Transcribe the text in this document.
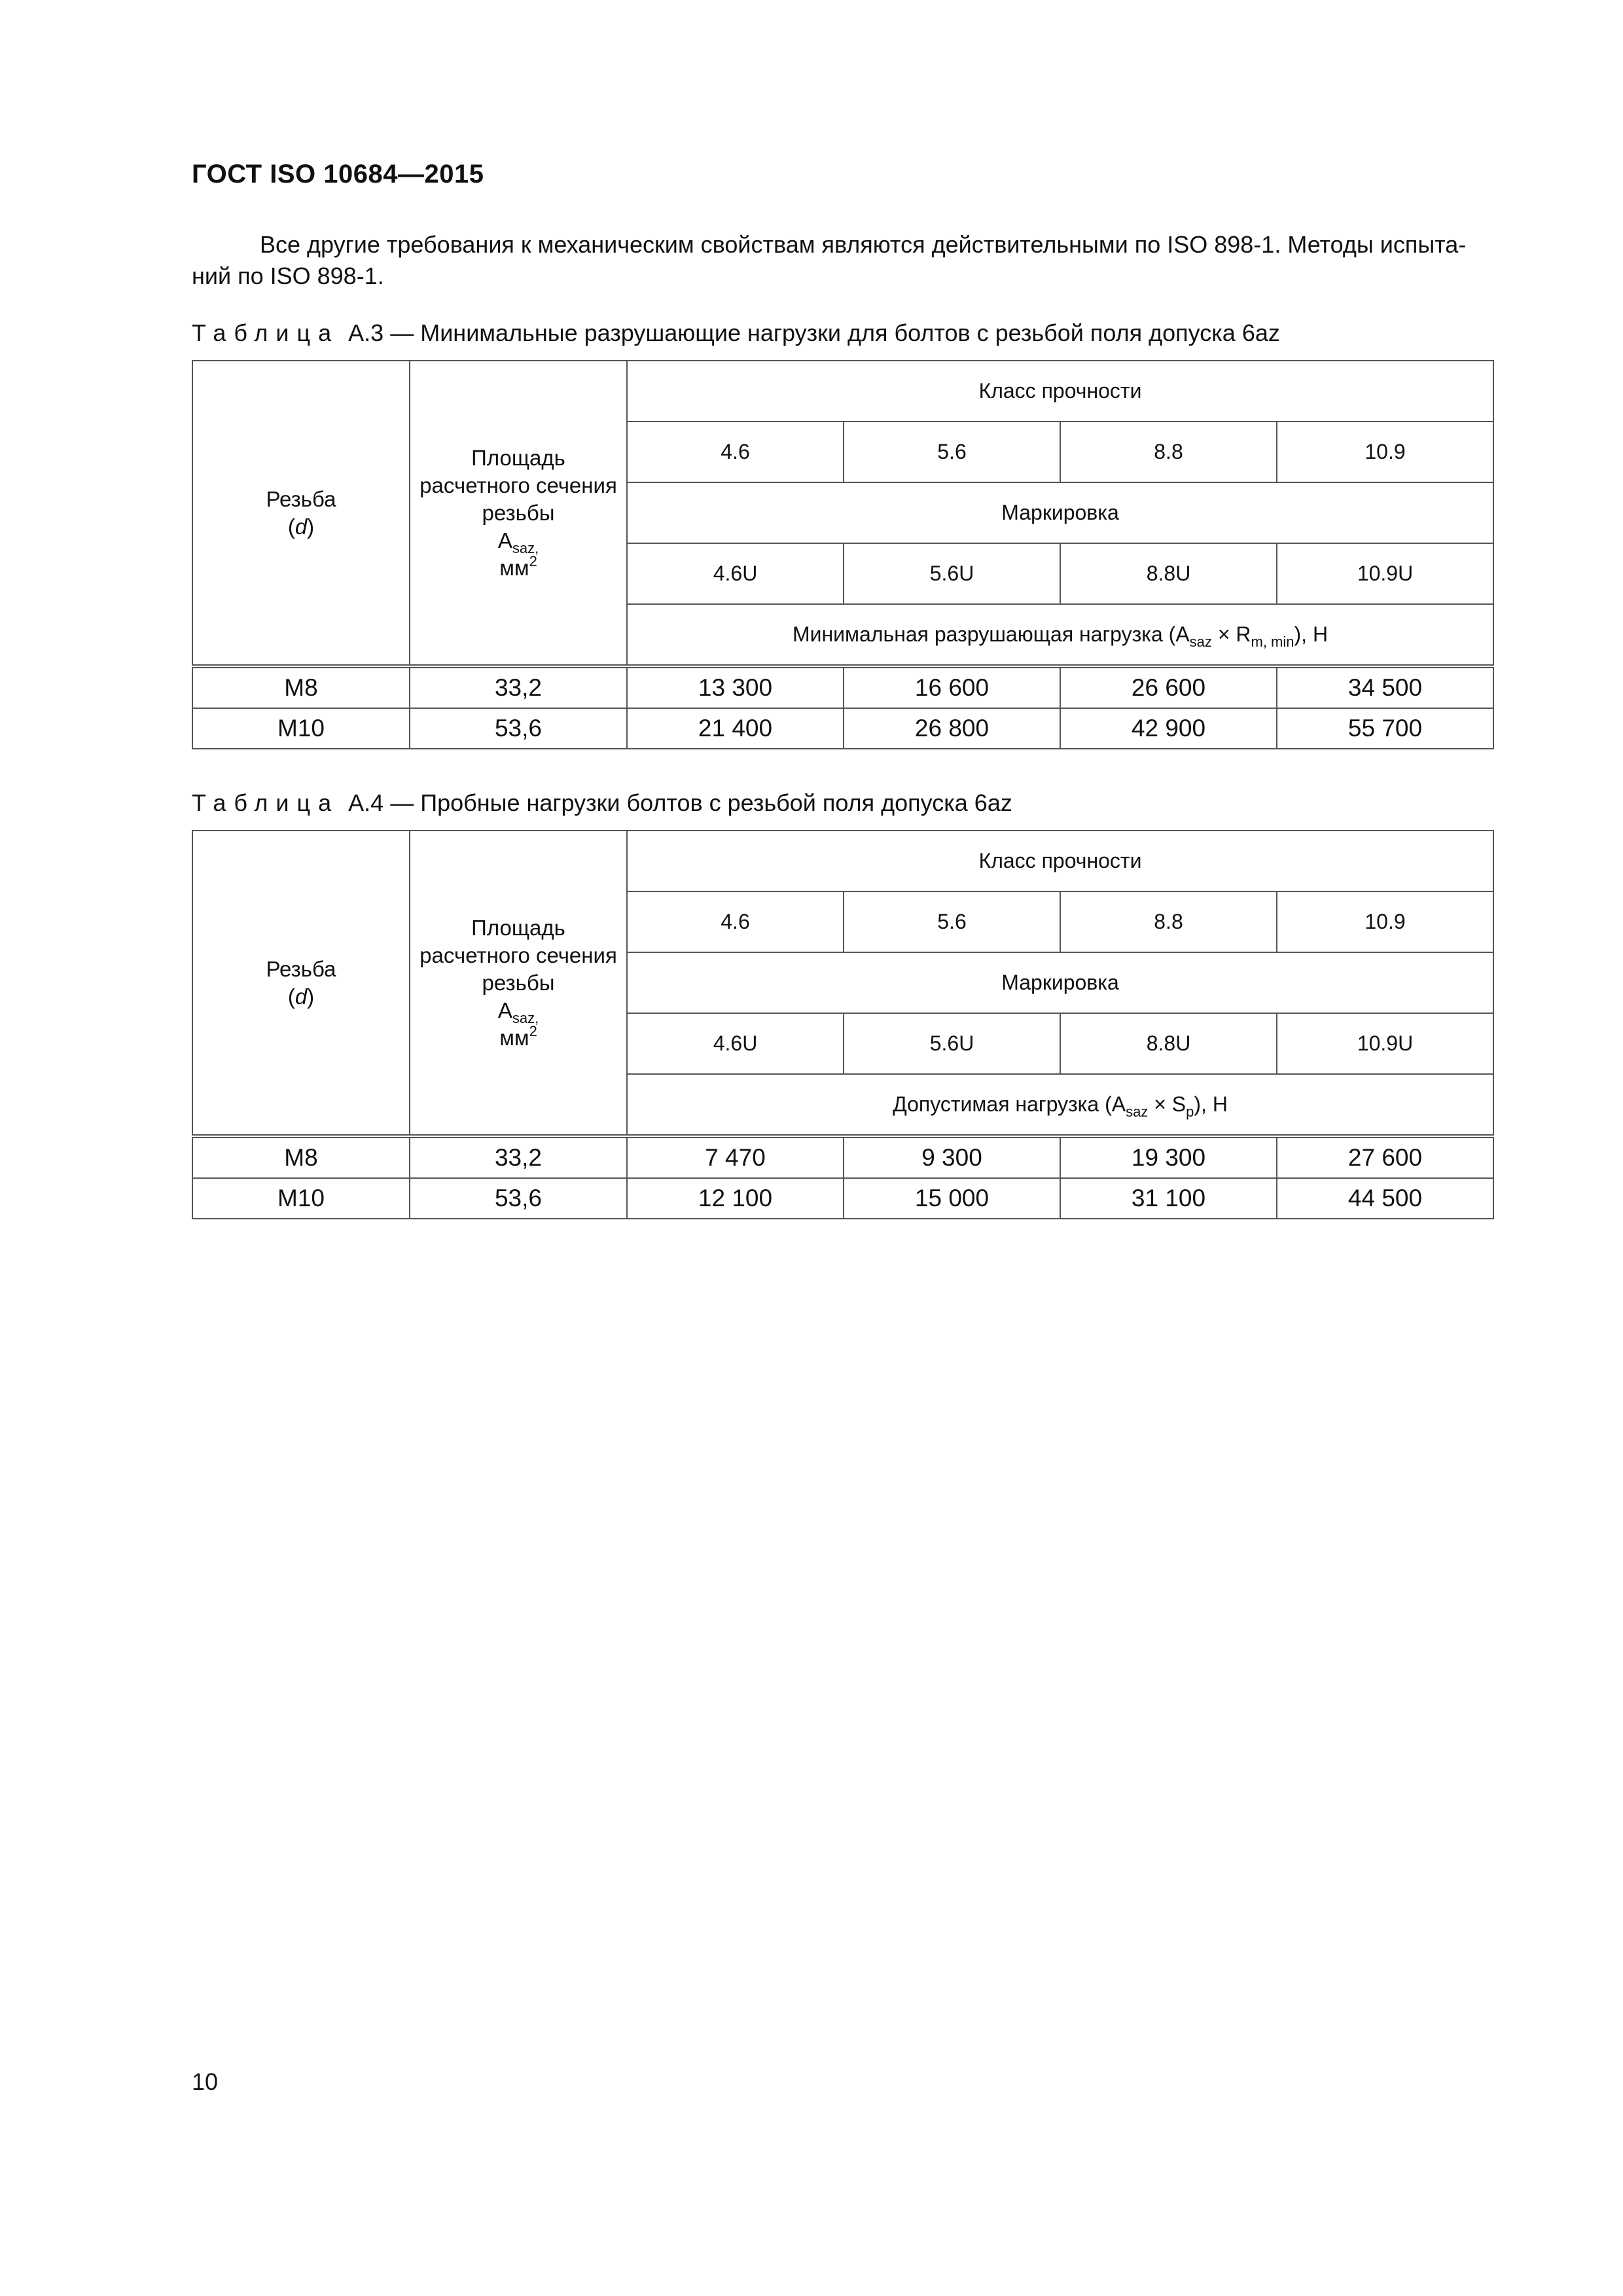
ГОСТ ISO 10684—2015
Все другие требования к механическим свойствам являются действительными по ISO 898-1. Методы испыта-
ний по ISO 898-1.
Таблица А.3 — Минимальные разрушающие нагрузки для болтов с резьбой поля допуска 6az
Резьба
(d)	Площадь
расчетного сечения
резьбы
$A_{saz,}$
$мм^2$	Класс прочности			
		4.6	5.6	8.8	10.9
		Маркировка			
		4.6U	5.6U	8.8U	10.9U
		Минимальная разрушающая нагрузка $(A_{saz} \times R_{m, min})$, Н			
M8	33,2	13 300	16 600	26 600	34 500
M10	53,6	21 400	26 800	42 900	55 700
Таблица А.4 — Пробные нагрузки болтов с резьбой поля допуска 6az
Резьба
(d)	Площадь
расчетного сечения
резьбы
$A_{saz,}$
$мм^2$	Класс прочности			
		4.6	5.6	8.8	10.9
		Маркировка			
		4.6U	5.6U	8.8U	10.9U
		Допустимая нагрузка $(A_{saz} \times S_p)$, Н			
M8	33,2	7 470	9 300	19 300	27 600
M10	53,6	12 100	15 000	31 100	44 500
10
